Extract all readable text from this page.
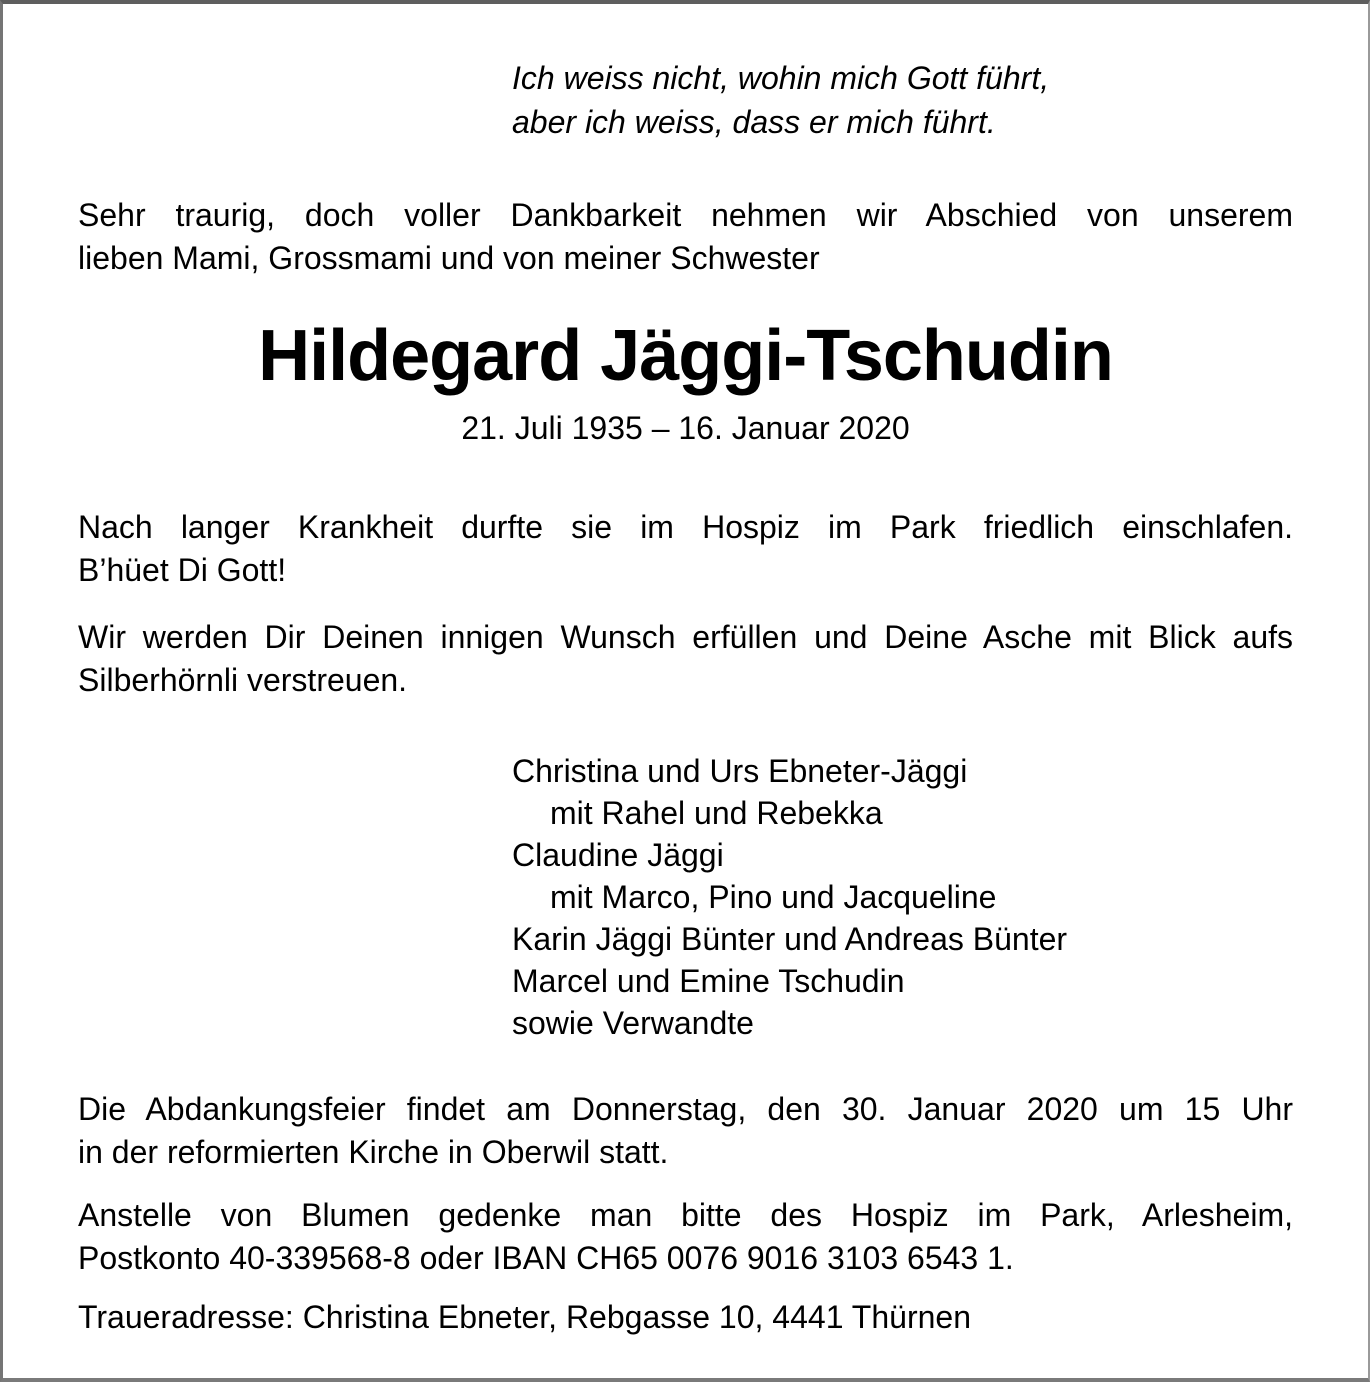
Ich weiss nicht, wohin mich Gott führt,
aber ich weiss, dass er mich führt.
Sehr traurig, doch voller Dankbarkeit nehmen wir Abschied von unserem
lieben Mami, Grossmami und von meiner Schwester
Hildegard Jäggi-Tschudin
21. Juli 1935 – 16. Januar 2020
Nach langer Krankheit durfte sie im Hospiz im Park friedlich einschlafen.
B’hüet Di Gott!
Wir werden Dir Deinen innigen Wunsch erfüllen und Deine Asche mit Blick aufs
Silberhörnli verstreuen.
Christina und Urs Ebneter-Jäggi
mit Rahel und Rebekka
Claudine Jäggi
mit Marco, Pino und Jacqueline
Karin Jäggi Bünter und Andreas Bünter
Marcel und Emine Tschudin
sowie Verwandte
Die Abdankungsfeier findet am Donnerstag, den 30. Januar 2020 um 15 Uhr
in der reformierten Kirche in Oberwil statt.
Anstelle von Blumen gedenke man bitte des Hospiz im Park, Arlesheim,
Postkonto 40-339568-8 oder IBAN CH65 0076 9016 3103 6543 1.
Traueradresse: Christina Ebneter, Rebgasse 10, 4441 Thürnen
